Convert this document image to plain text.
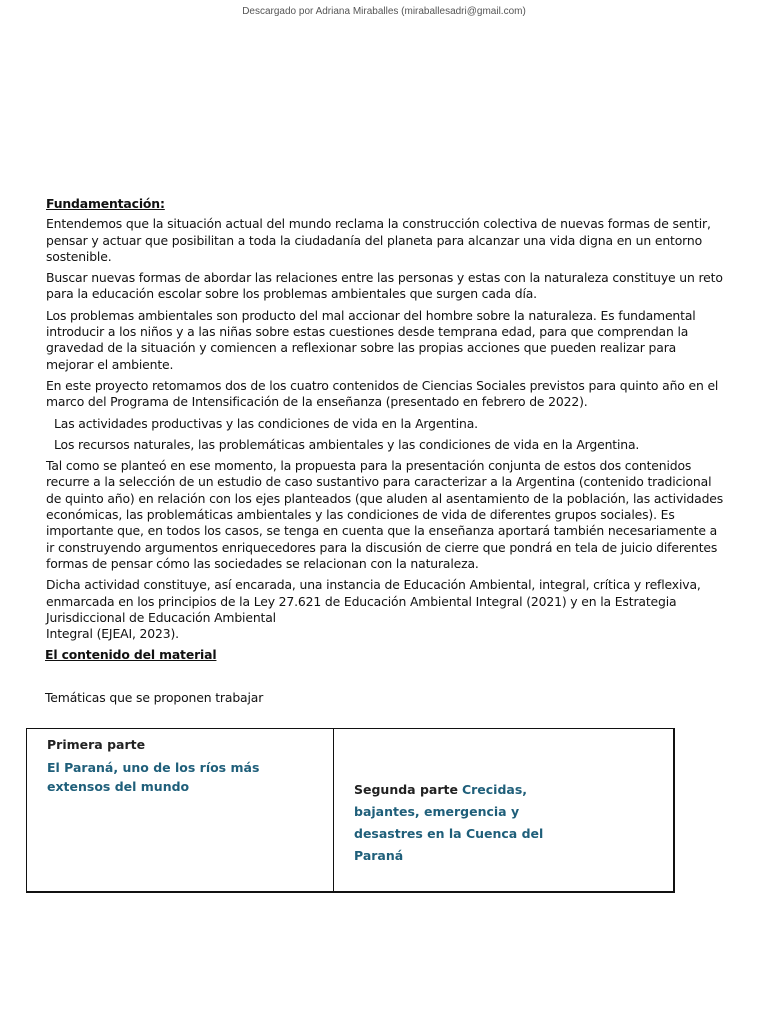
Descargado por Adriana Miraballes (miraballesadri@gmail.com)
Fundamentación:

Entendemos que la situación actual del mundo reclama la construcción colectiva de nuevas formas de sentir, pensar y actuar que posibilitan a toda la ciudadanía del planeta para alcanzar una vida digna en un entorno sostenible.

Buscar nuevas formas de abordar las relaciones entre las personas y estas con la naturaleza constituye un reto para la educación escolar sobre los problemas ambientales que surgen cada día.

Los problemas ambientales son producto del mal accionar del hombre sobre la naturaleza. Es fundamental introducir a los niños y a las niñas sobre estas cuestiones desde temprana edad, para que comprendan la gravedad de la situación y comiencen a reflexionar sobre las propias acciones que pueden realizar para mejorar el ambiente.

En este proyecto retomamos dos de los cuatro contenidos de Ciencias Sociales previstos para quinto año en el marco del Programa de Intensificación de la enseñanza (presentado en febrero de 2022).

Las actividades productivas y las condiciones de vida en la Argentina.

Los recursos naturales, las problemáticas ambientales y las condiciones de vida en la Argentina.

Tal como se planteó en ese momento, la propuesta para la presentación conjunta de estos dos contenidos recurre a la selección de un estudio de caso sustantivo para caracterizar a la Argentina (contenido tradicional de quinto año) en relación con los ejes planteados (que aluden al asentamiento de la población, las actividades económicas, las problemáticas ambientales y las condiciones de vida de diferentes grupos sociales). Es importante que, en todos los casos, se tenga en cuenta que la enseñanza aportará también necesariamente a ir construyendo argumentos enriquecedores para la discusión de cierre que pondrá en tela de juicio diferentes formas de pensar cómo las sociedades se relacionan con la naturaleza.

Dicha actividad constituye, así encarada, una instancia de Educación Ambiental, integral, crítica y reflexiva, enmarcada en los principios de la Ley 27.621 de Educación Ambiental Integral (2021) y en la Estrategia Jurisdiccional de Educación Ambiental

Integral (EJEAI, 2023).

El contenido del material
Temáticas que se proponen trabajar
Primera parte
El Paraná, uno de los ríos más extensos del mundo	Segunda parte Crecidas, bajantes, emergencia y desastres en la Cuenca del Paraná
